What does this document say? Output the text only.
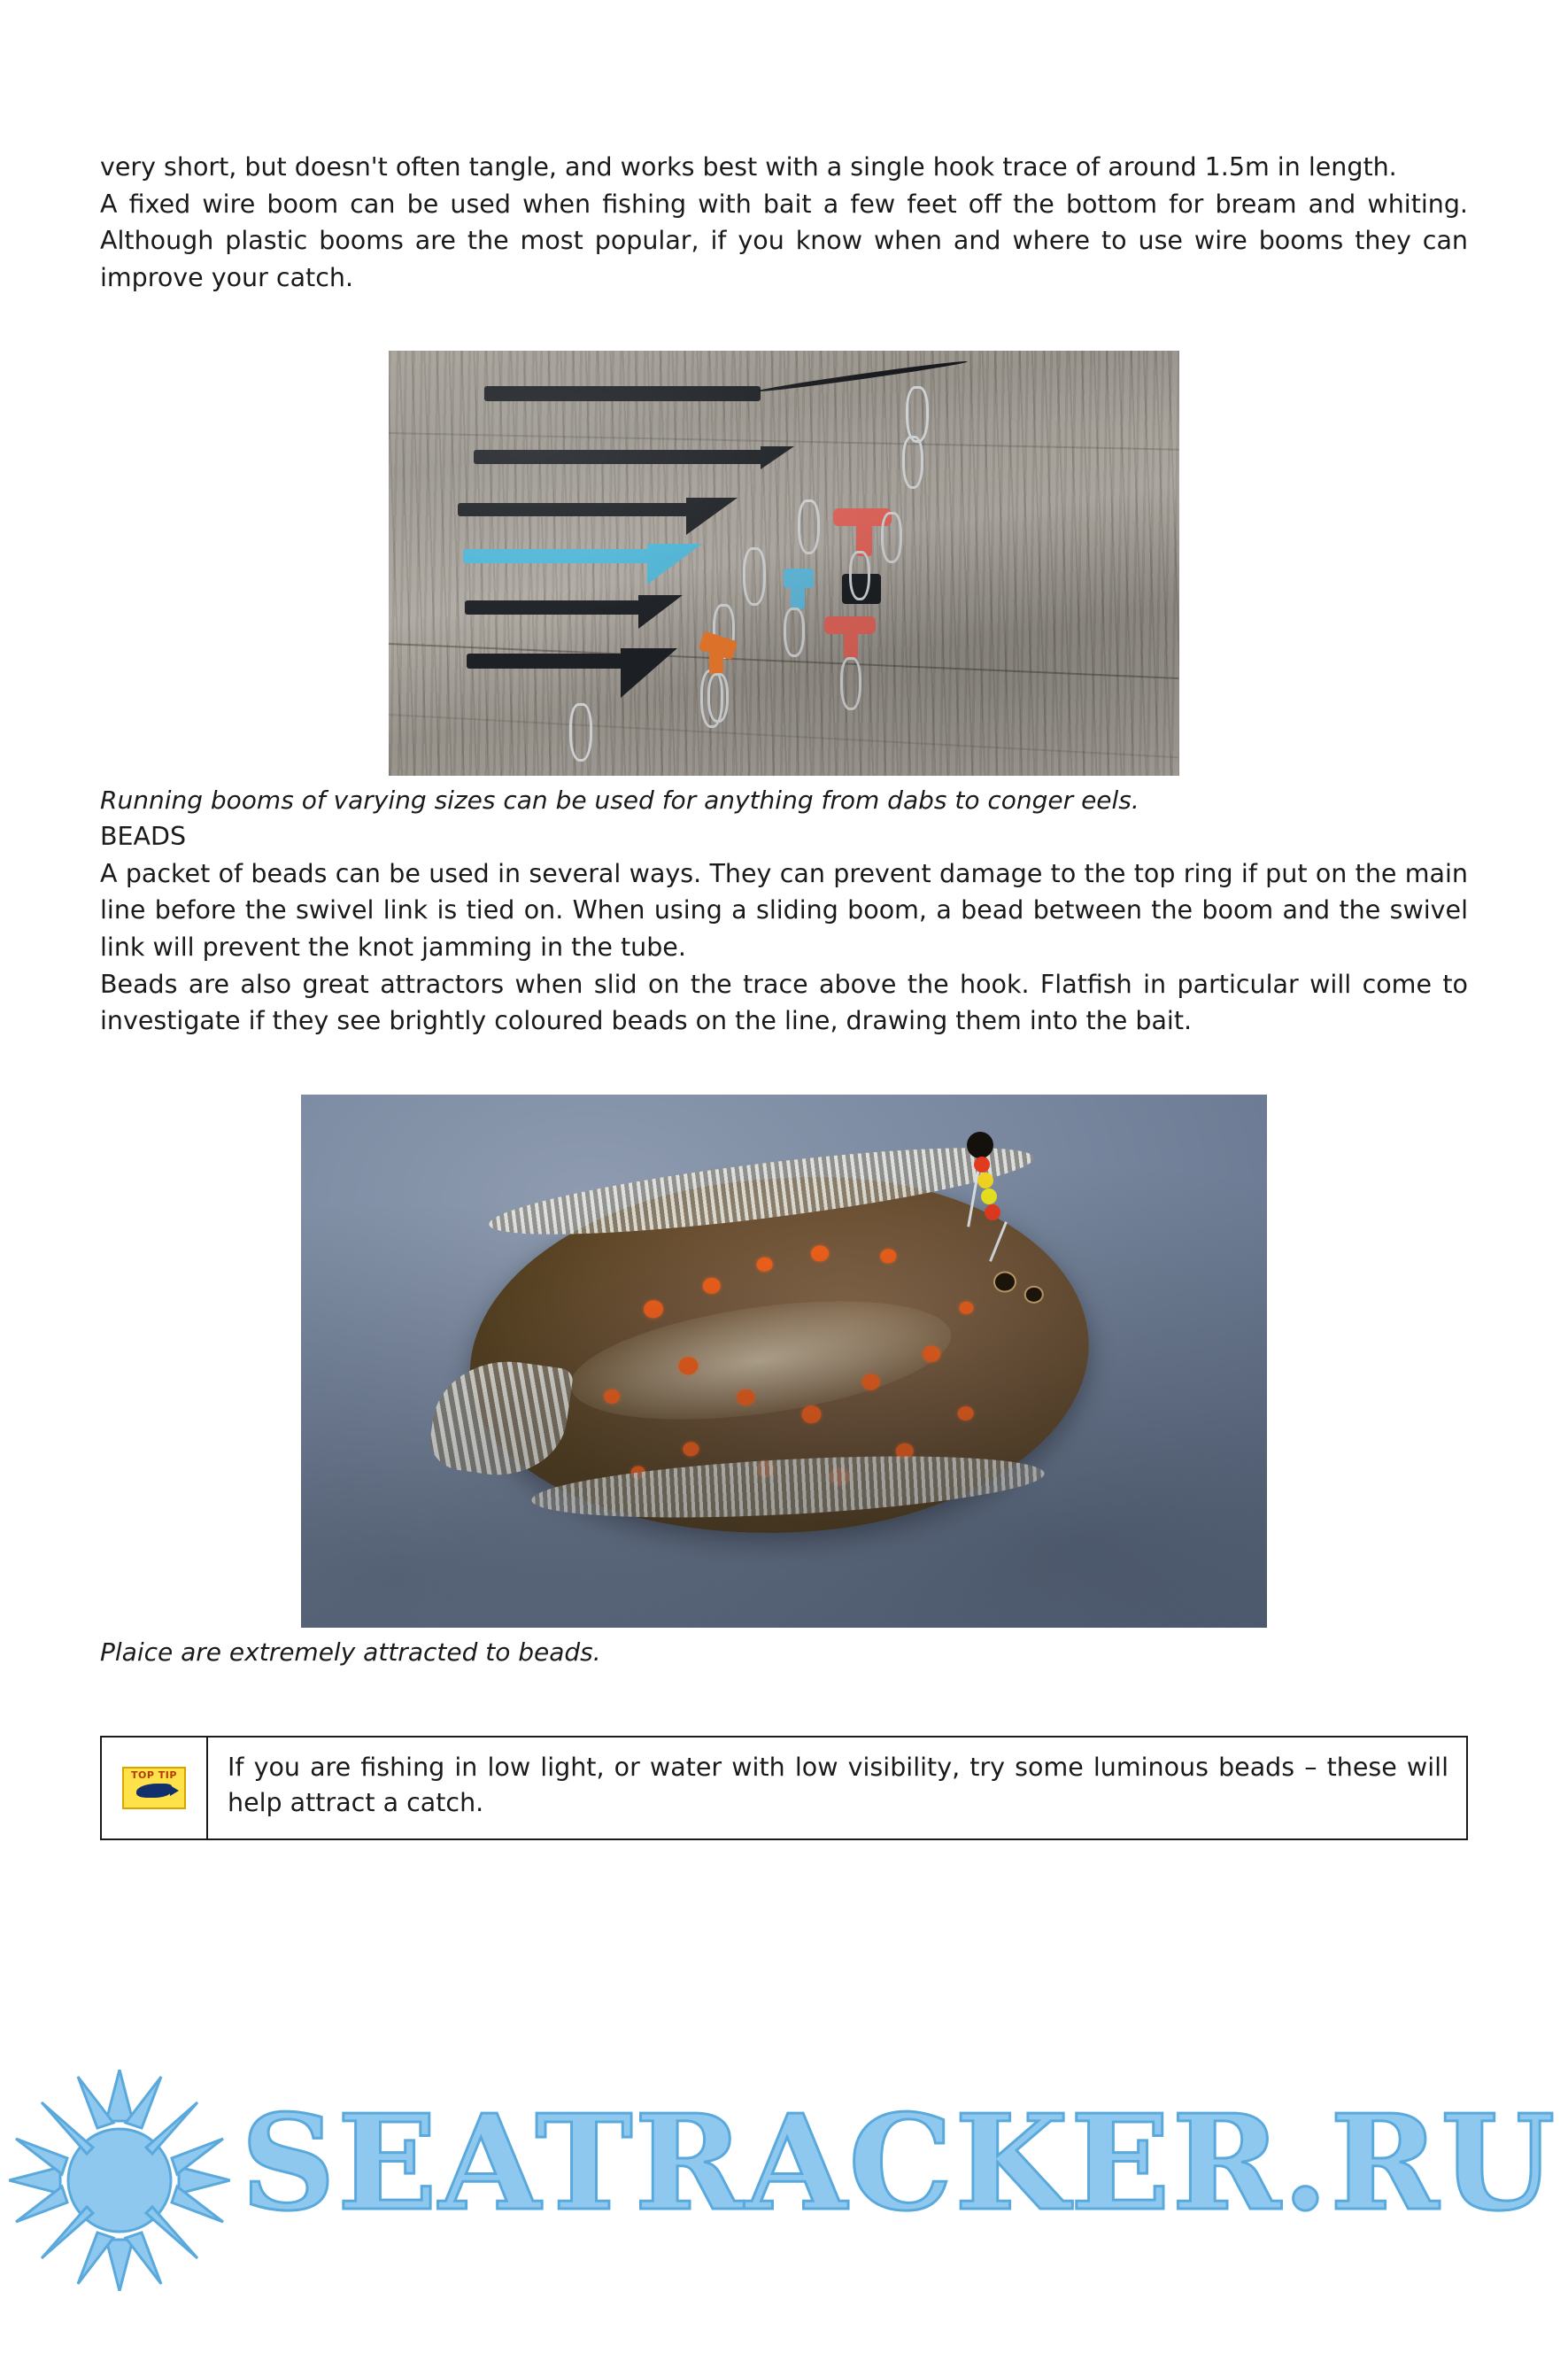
very short, but doesn't often tangle, and works best with a single hook trace of around 1.5m in length.

A fixed wire boom can be used when fishing with bait a few feet off the bottom for bream and whiting. Although plastic booms are the most popular, if you know when and where to use wire booms they can improve your catch.

Running booms of varying sizes can be used for anything from dabs to conger eels.

BEADS

A packet of beads can be used in several ways. They can prevent damage to the top ring if put on the main line before the swivel link is tied on. When using a sliding boom, a bead between the boom and the swivel link will prevent the knot jamming in the tube.

Beads are also great attractors when slid on the trace above the hook. Flatfish in particular will come to investigate if they see brightly coloured beads on the line, drawing them into the bait.

Plaice are extremely attracted to beads.

TOP TIP	If you are fishing in low light, or water with low visibility, try some luminous beads – these will help attract a catch.
SEATRACKER.RU
